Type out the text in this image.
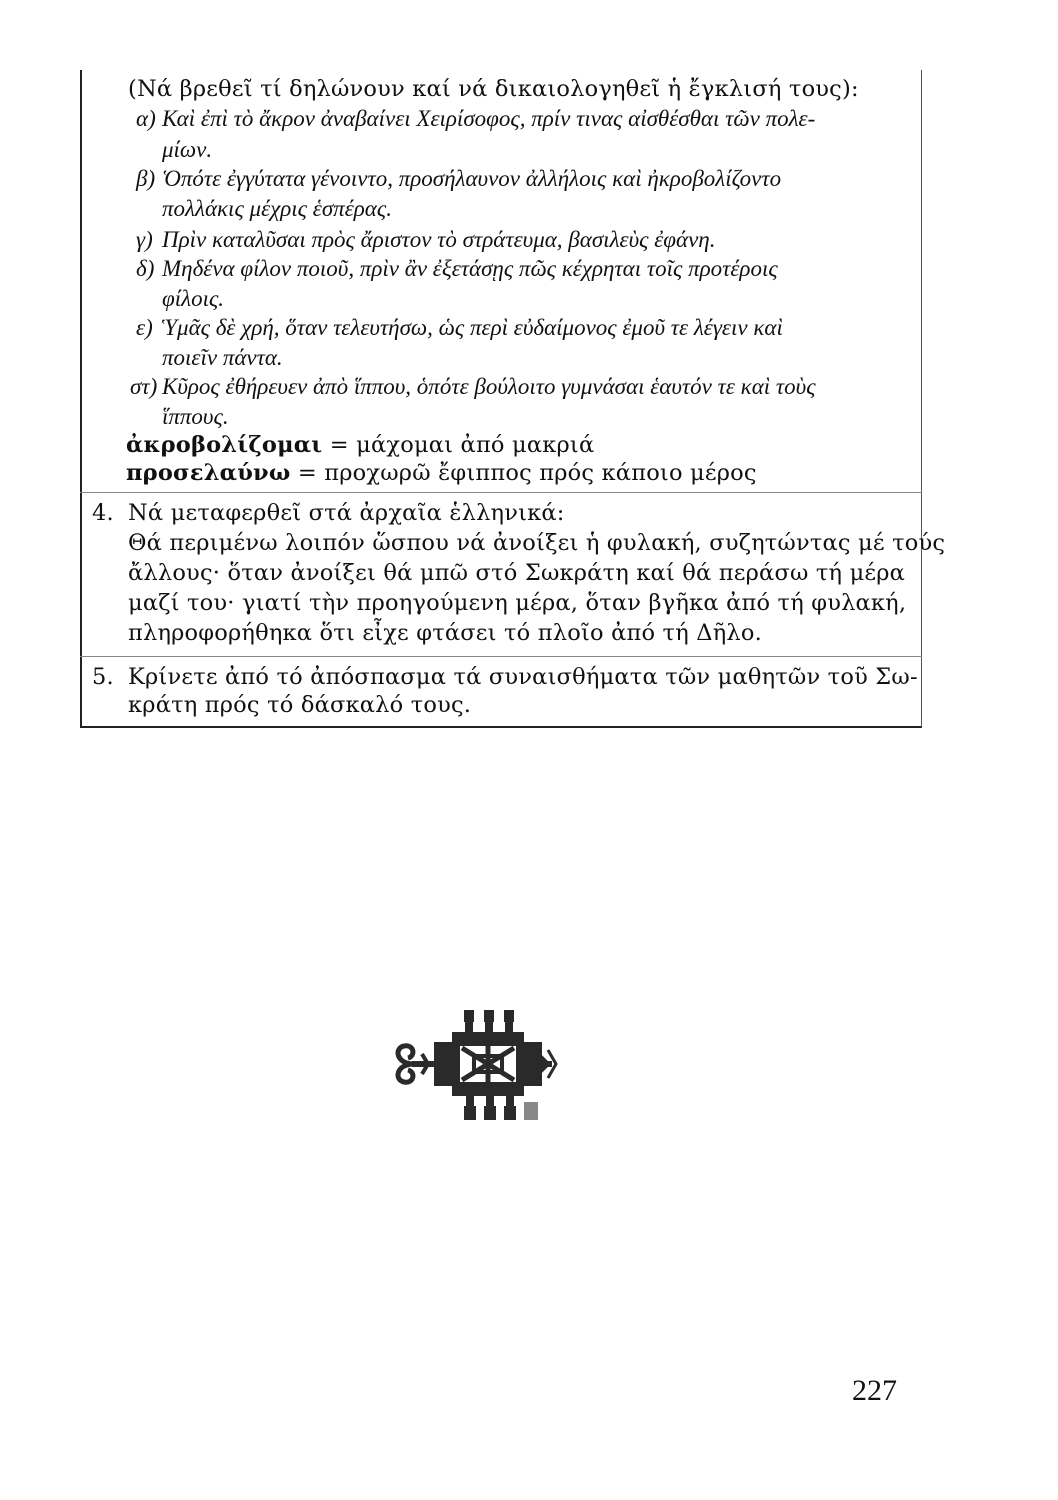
(Νά βρεθεῖ τί δηλώνουν καί νά δικαιολογηθεῖ ἡ ἔγκλισή τους):
α) Καὶ ἐπὶ τὸ ἄκρον ἀναβαίνει Χειρίσοφος, πρίν τινας αἰσθέσθαι τῶν πολε-
μίων.
β) Ὁπότε ἐγγύτατα γένοιντο, προσήλαυνον ἀλλήλοις καὶ ἠκροβολίζοντο
πολλάκις μέχρις ἑσπέρας.
γ) Πρὶν καταλῦσαι πρὸς ἄριστον τὸ στράτευμα, βασιλεὺς ἐφάνη.
δ) Μηδένα φίλον ποιοῦ, πρὶν ἂν ἐξετάσῃς πῶς κέχρηται τοῖς προτέροις
φίλοις.
ε) Ὑμᾶς δὲ χρή, ὅταν τελευτήσω, ὡς περὶ εὐδαίμονος ἐμοῦ τε λέγειν καὶ
ποιεῖν πάντα.
στ) Κῦρος ἐθήρευεν ἀπὸ ἵππου, ὁπότε βούλοιτο γυμνάσαι ἑαυτόν τε καὶ τοὺς
ἵππους.
ἀκροβολίζομαι = μάχομαι ἀπό μακριά
προσελαύνω = προχωρῶ ἔφιππος πρός κάποιο μέρος
4. Νά μεταφερθεῖ στά ἀρχαῖα ἑλληνικά:
Θά περιμένω λοιπόν ὥσπου νά ἀνοίξει ἡ φυλακή, συζητώντας μέ τούς
ἄλλους· ὅταν ἀνοίξει θά μπῶ στό Σωκράτη καί θά περάσω τή μέρα
μαζί του· γιατί τὴν προηγούμενη μέρα, ὅταν βγῆκα ἀπό τή φυλακή,
πληροφορήθηκα ὅτι εἶχε φτάσει τό πλοῖο ἀπό τή Δῆλο.
5. Κρίνετε ἀπό τό ἀπόσπασμα τά συναισθήματα τῶν μαθητῶν τοῦ Σω-
κράτη πρός τό δάσκαλό τους.
227
